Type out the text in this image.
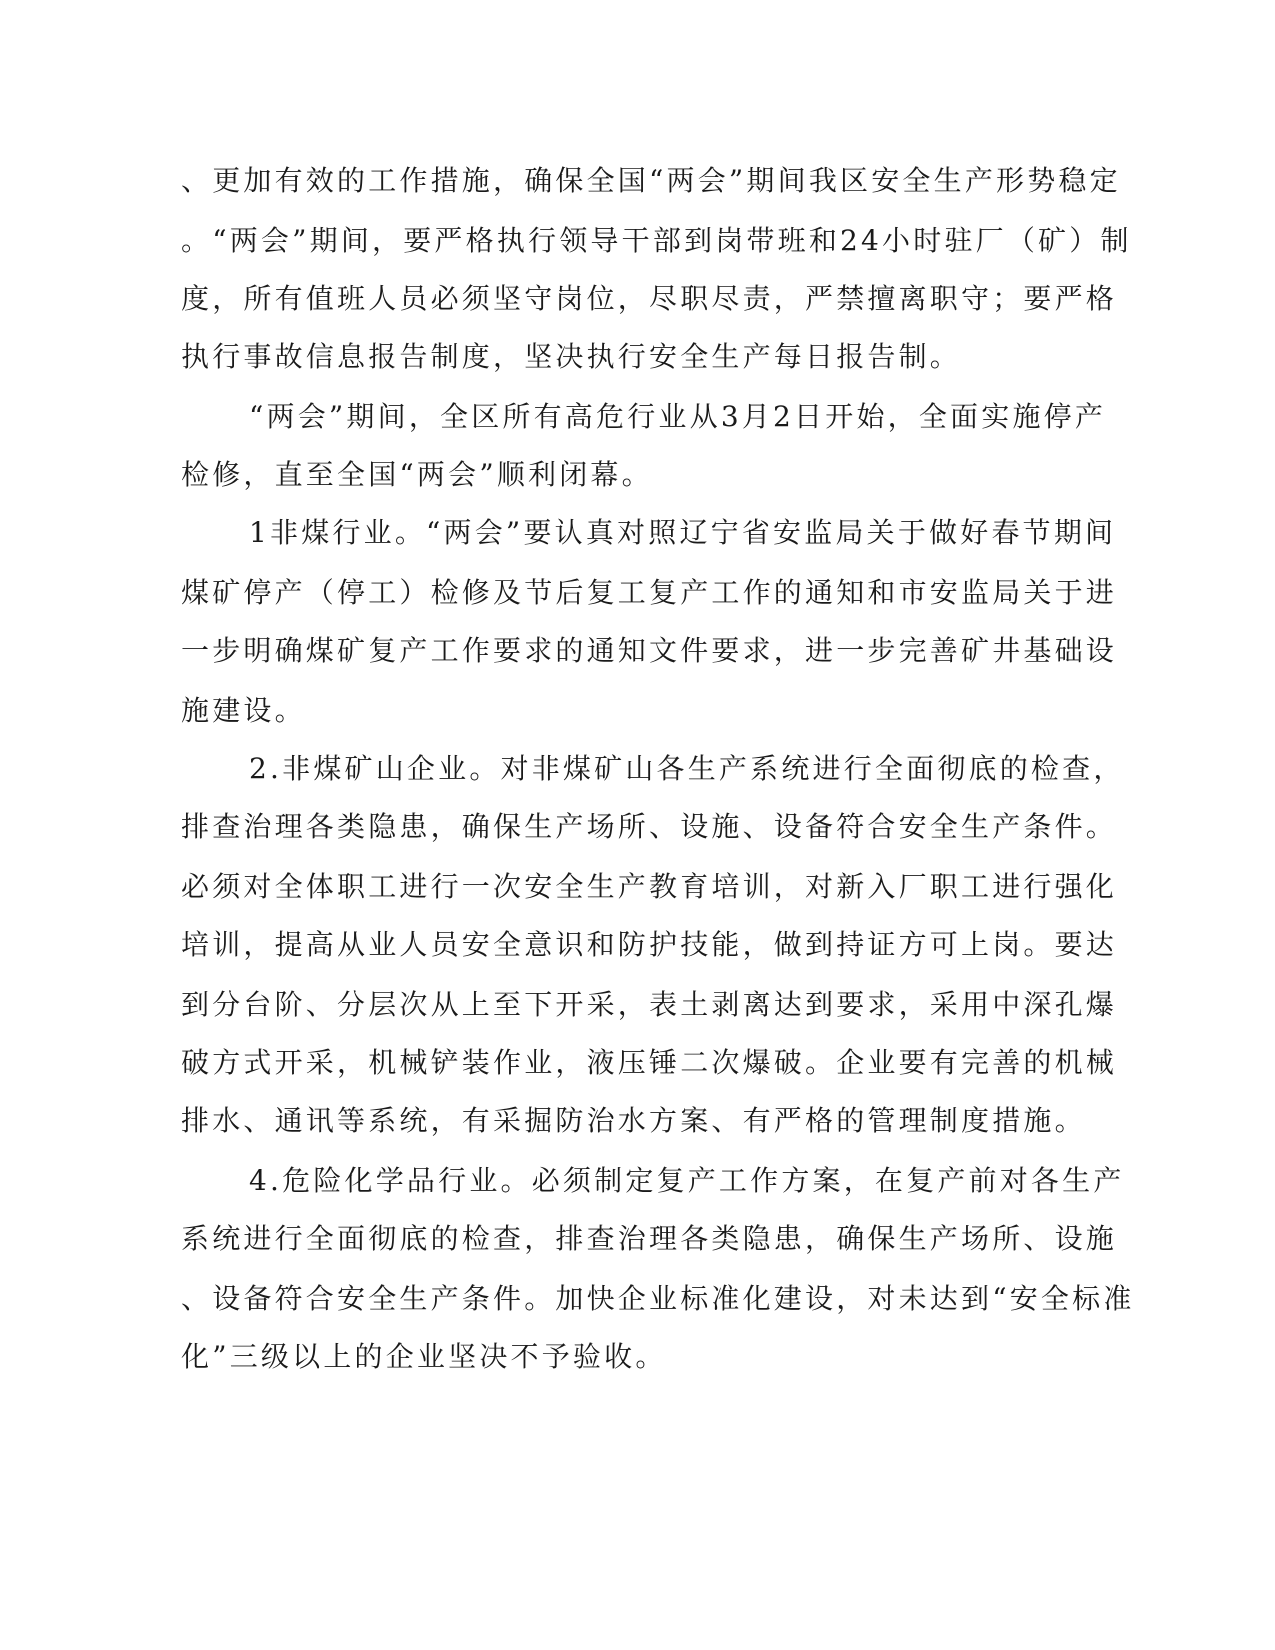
、更加有效的工作措施，确保全国“两会”期间我区安全生产形势稳定
。“两会”期间，要严格执行领导干部到岗带班和24小时驻厂（矿）制
度，所有值班人员必须坚守岗位，尽职尽责，严禁擅离职守；要严格
执行事故信息报告制度，坚决执行安全生产每日报告制。
“两会”期间，全区所有高危行业从3月2日开始，全面实施停产
检修，直至全国“两会”顺利闭幕。
1非煤行业。“两会”要认真对照辽宁省安监局关于做好春节期间
煤矿停产（停工）检修及节后复工复产工作的通知和市安监局关于进
一步明确煤矿复产工作要求的通知文件要求，进一步完善矿井基础设
施建设。
2.非煤矿山企业。对非煤矿山各生产系统进行全面彻底的检查，
排查治理各类隐患，确保生产场所、设施、设备符合安全生产条件。
必须对全体职工进行一次安全生产教育培训，对新入厂职工进行强化
培训，提高从业人员安全意识和防护技能，做到持证方可上岗。要达
到分台阶、分层次从上至下开采，表土剥离达到要求，采用中深孔爆
破方式开采，机械铲装作业，液压锤二次爆破。企业要有完善的机械
排水、通讯等系统，有采掘防治水方案、有严格的管理制度措施。
4.危险化学品行业。必须制定复产工作方案，在复产前对各生产
系统进行全面彻底的检查，排查治理各类隐患，确保生产场所、设施
、设备符合安全生产条件。加快企业标准化建设，对未达到“安全标准
化”三级以上的企业坚决不予验收。
